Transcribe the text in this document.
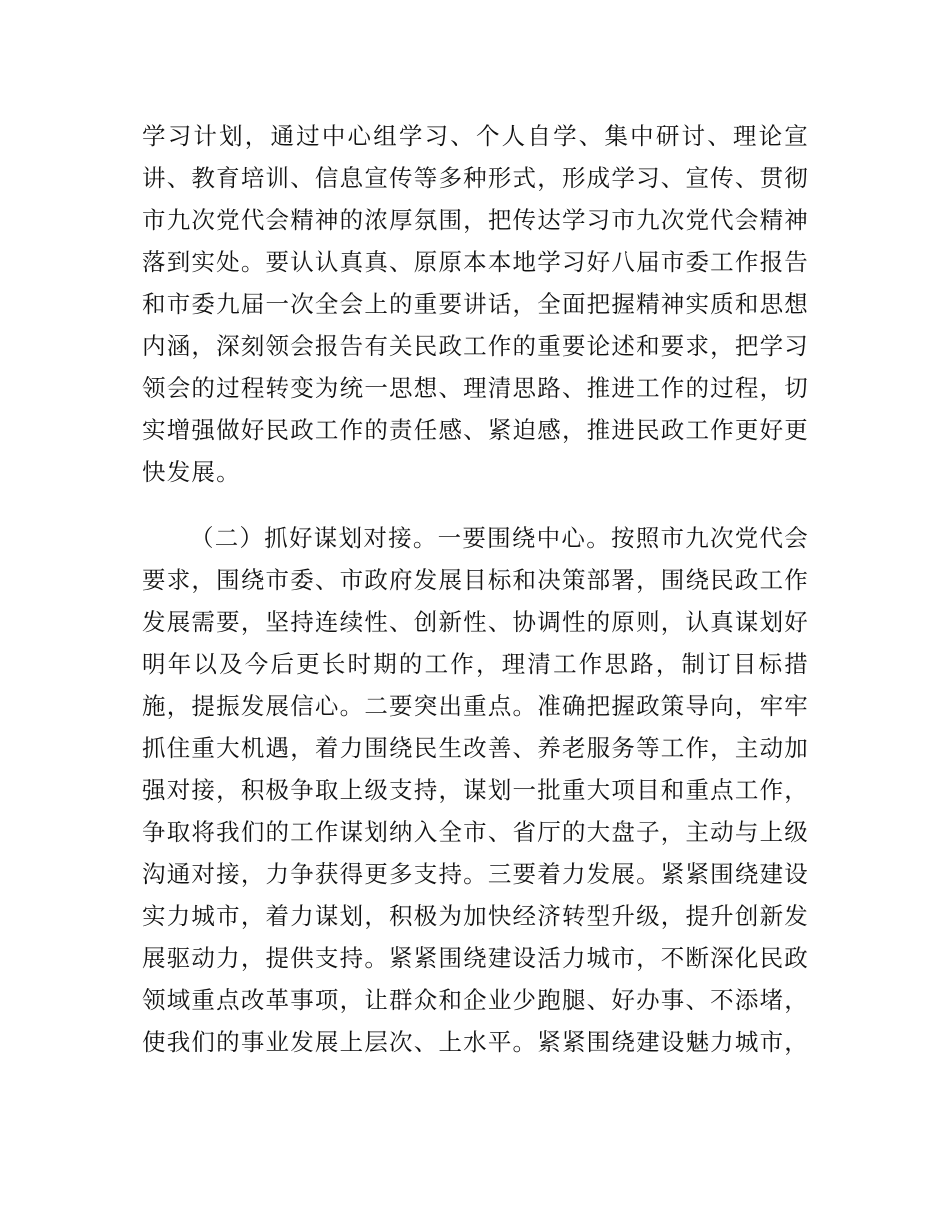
学习计划，通过中心组学习、个人自学、集中研讨、理论宣
讲、教育培训、信息宣传等多种形式，形成学习、宣传、贯彻
市九次党代会精神的浓厚氛围，把传达学习市九次党代会精神
落到实处。要认认真真、原原本本地学习好八届市委工作报告
和市委九届一次全会上的重要讲话，全面把握精神实质和思想
内涵，深刻领会报告有关民政工作的重要论述和要求，把学习
领会的过程转变为统一思想、理清思路、推进工作的过程，切
实增强做好民政工作的责任感、紧迫感，推进民政工作更好更
快发展。
（二）抓好谋划对接。一要围绕中心。按照市九次党代会
要求，围绕市委、市政府发展目标和决策部署，围绕民政工作
发展需要，坚持连续性、创新性、协调性的原则，认真谋划好
明年以及今后更长时期的工作，理清工作思路，制订目标措
施，提振发展信心。二要突出重点。准确把握政策导向，牢牢
抓住重大机遇，着力围绕民生改善、养老服务等工作，主动加
强对接，积极争取上级支持，谋划一批重大项目和重点工作，
争取将我们的工作谋划纳入全市、省厅的大盘子，主动与上级
沟通对接，力争获得更多支持。三要着力发展。紧紧围绕建设
实力城市，着力谋划，积极为加快经济转型升级，提升创新发
展驱动力，提供支持。紧紧围绕建设活力城市，不断深化民政
领域重点改革事项，让群众和企业少跑腿、好办事、不添堵，
使我们的事业发展上层次、上水平。紧紧围绕建设魅力城市，
